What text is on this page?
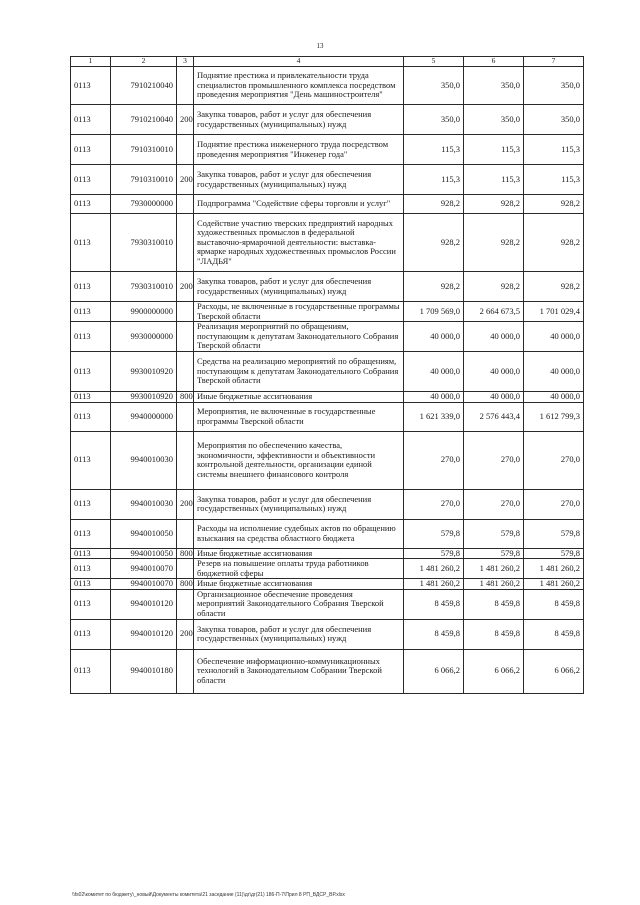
13
1	2	3	4	5	6	7
0113	7910210040		Поднятие престижа и привлекательности труда специалистов промышленного комплекса посредством проведения мероприятия "День машиностроителя"	350,0	350,0	350,0
0113	7910210040	200	Закупка товаров, работ и услуг для обеспечения государственных (муниципальных) нужд	350,0	350,0	350,0
0113	7910310010		Поднятие престижа инженерного труда посредством проведения мероприятия "Инженер года"	115,3	115,3	115,3
0113	7910310010	200	Закупка товаров, работ и услуг для обеспечения государственных (муниципальных) нужд	115,3	115,3	115,3
0113	7930000000		Подпрограмма "Содействие сферы торговли и услуг"	928,2	928,2	928,2
0113	7930310010		Содействие участию тверских предприятий народных художественных промыслов в федеральной выставочно-ярмарочной деятельности: выставка-ярмарке народных художественных промыслов России "ЛАДЬЯ"	928,2	928,2	928,2
0113	7930310010	200	Закупка товаров, работ и услуг для обеспечения государственных (муниципальных) нужд	928,2	928,2	928,2
0113	9900000000		Расходы, не включенные в государственные программы Тверской области	1 709 569,0	2 664 673,5	1 701 029,4
0113	9930000000		Реализация мероприятий по обращениям, поступающим к депутатам Законодательного Собрания Тверской области	40 000,0	40 000,0	40 000,0
0113	9930010920		Средства на реализацию мероприятий по обращениям, поступающим к депутатам Законодательного Собрания Тверской области	40 000,0	40 000,0	40 000,0
0113	9930010920	800	Иные бюджетные ассигнования	40 000,0	40 000,0	40 000,0
0113	9940000000		Мероприятия, не включенные в государственные программы Тверской области	1 621 339,0	2 576 443,4	1 612 799,3
0113	9940010030		Мероприятия по обеспечению качества, экономичности, эффективности и объективности контрольной деятельности, организации единой системы внешнего финансового контроля	270,0	270,0	270,0
0113	9940010030	200	Закупка товаров, работ и услуг для обеспечения государственных (муниципальных) нужд	270,0	270,0	270,0
0113	9940010050		Расходы на исполнение судебных актов по обращению взыскания на средства областного бюджета	579,8	579,8	579,8
0113	9940010050	800	Иные бюджетные ассигнования	579,8	579,8	579,8
0113	9940010070		Резерв на повышение оплаты труда работников бюджетной сферы	1 481 260,2	1 481 260,2	1 481 260,2
0113	9940010070	800	Иные бюджетные ассигнования	1 481 260,2	1 481 260,2	1 481 260,2
0113	9940010120		Организационное обеспечение проведения мероприятий Законодательного Собрания Тверской области	8 459,8	8 459,8	8 459,8
0113	9940010120	200	Закупка товаров, работ и услуг для обеспечения государственных (муниципальных) нужд	8 459,8	8 459,8	8 459,8
0113	9940010180		Обеспечение информационно-коммуникационных технологий в Законодательном Собрании Тверской области	6 066,2	6 066,2	6 066,2
\\fs02\комитет по бюджету\_новый\Документы комитета\21 заседание (11)\дг\дг(21) 186-П-7\Прил 8 РП_ВДСР_ВР.xlsx
